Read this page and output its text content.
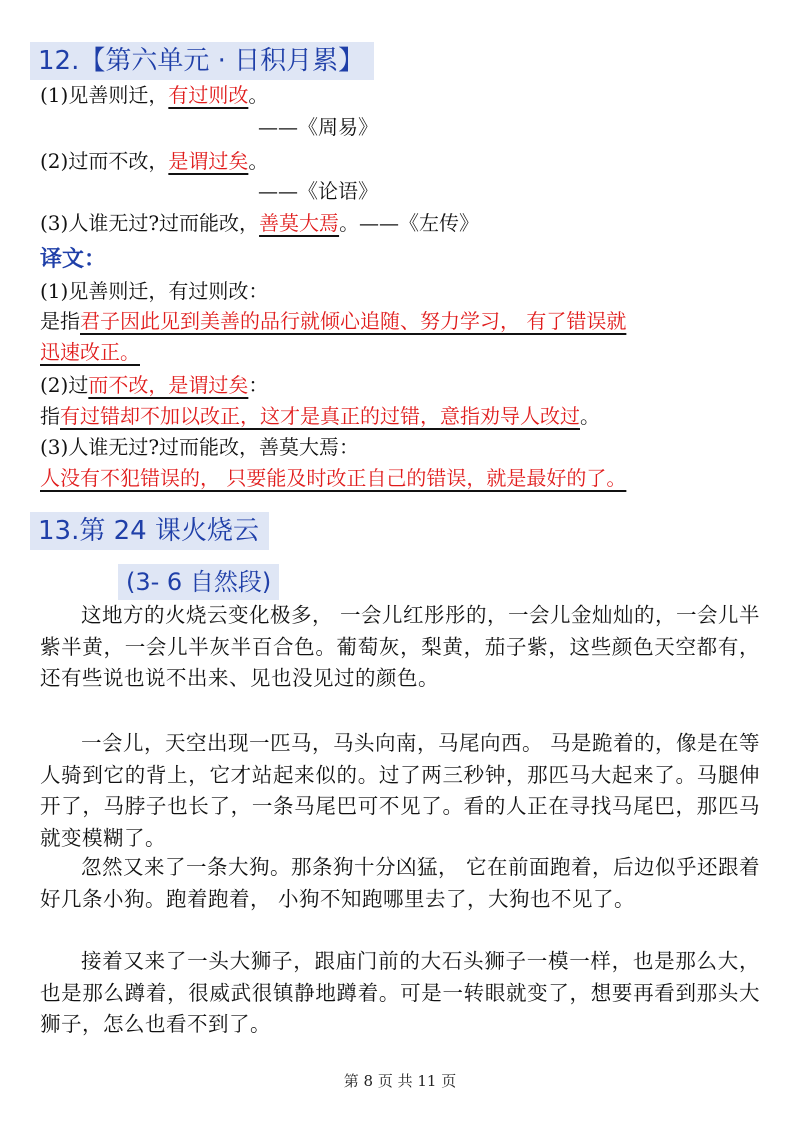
12.【第六单元 · 日积月累】
(1)见善则迁，有过则改。
——《周易》
(2)过而不改，是谓过矣。
——《论语》
(3)人谁无过?过而能改，善莫大焉。——《左传》
译文：
(1)见善则迁，有过则改：
是指君子因此见到美善的品行就倾心追随、努力学习， 有了错误就
迅速改正。
(2)过而不改，是谓过矣：
指有过错却不加以改正，这才是真正的过错，意指劝导人改过。
(3)人谁无过?过而能改，善莫大焉：
人没有不犯错误的， 只要能及时改正自己的错误，就是最好的了。
13.第 24 课火烧云
(3- 6 自然段)
这地方的火烧云变化极多， 一会儿红彤彤的，一会儿金灿灿的，一会儿半紫半黄，一会儿半灰半百合色。葡萄灰，梨黄，茄子紫，这些颜色天空都有，还有些说也说不出来、见也没见过的颜色。
一会儿，天空出现一匹马，马头向南，马尾向西。 马是跪着的，像是在等人骑到它的背上，它才站起来似的。过了两三秒钟，那匹马大起来了。马腿伸开了，马脖子也长了，一条马尾巴可不见了。看的人正在寻找马尾巴，那匹马就变模糊了。
忽然又来了一条大狗。那条狗十分凶猛， 它在前面跑着，后边似乎还跟着好几条小狗。跑着跑着， 小狗不知跑哪里去了，大狗也不见了。
接着又来了一头大狮子，跟庙门前的大石头狮子一模一样，也是那么大，也是那么蹲着，很威武很镇静地蹲着。可是一转眼就变了，想要再看到那头大狮子，怎么也看不到了。
第 8 页 共 11 页
